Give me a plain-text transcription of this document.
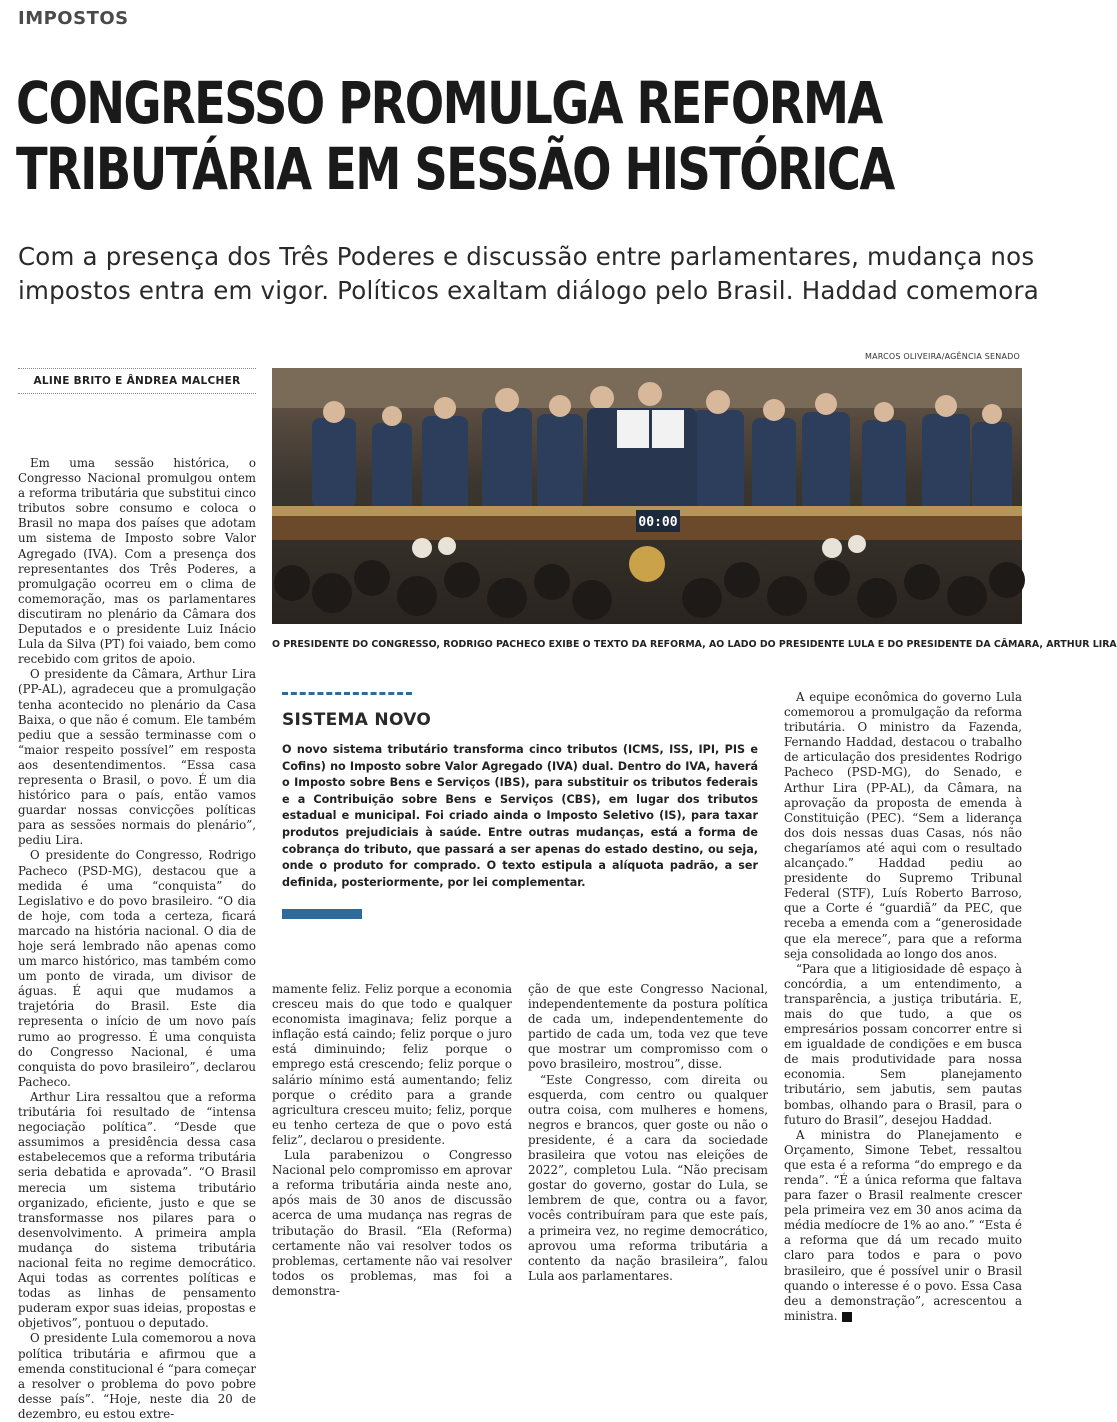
IMPOSTOS
CONGRESSO PROMULGA REFORMA
TRIBUTÁRIA EM SESSÃO HISTÓRICA
Com a presença dos Três Poderes e discussão entre parlamentares, mudança nos
impostos entra em vigor. Políticos exaltam diálogo pelo Brasil. Haddad comemora
ALINE BRITO E ÂNDREA MALCHER
MARCOS OLIVEIRA/AGÊNCIA SENADO
00:00
O PRESIDENTE DO CONGRESSO, RODRIGO PACHECO EXIBE O TEXTO DA REFORMA, AO LADO DO PRESIDENTE LULA E DO PRESIDENTE DA CÂMARA, ARTHUR LIRA

Em uma sessão histórica, o Congresso Nacional promulgou ontem a reforma tributária que substitui cinco tributos sobre consumo e coloca o Brasil no mapa dos países que adotam um sistema de Imposto sobre Valor Agregado (IVA). Com a presença dos representantes dos Três Poderes, a promulgação ocorreu em o clima de comemoração, mas os parlamentares discutiram no plenário da Câmara dos Deputados e o presidente Luiz Inácio Lula da Silva (PT) foi vaiado, bem como recebido com gritos de apoio.

O presidente da Câmara, Arthur Lira (PP-AL), agradeceu que a promulgação tenha acontecido no plenário da Casa Baixa, o que não é comum. Ele também pediu que a sessão terminasse com o “maior respeito possível” em resposta aos desentendimentos. “Essa casa representa o Brasil, o povo. É um dia histórico para o país, então vamos guardar nossas convicções políticas para as sessões normais do plenário”, pediu Lira.

O presidente do Congresso, Rodrigo Pacheco (PSD-MG), destacou que a medida é uma “conquista” do Legislativo e do povo brasileiro. “O dia de hoje, com toda a certeza, ficará marcado na história nacional. O dia de hoje será lembrado não apenas como um marco histórico, mas também como um ponto de virada, um divisor de águas. É aqui que mudamos a trajetória do Brasil. Este dia representa o início de um novo país rumo ao progresso. É uma conquista do Congresso Nacional, é uma conquista do povo brasileiro”, declarou Pacheco.

Arthur Lira ressaltou que a reforma tributária foi resultado de “intensa negociação política”. “Desde que assumimos a presidência dessa casa estabelecemos que a reforma tributária seria debatida e aprovada”. “O Brasil merecia um sistema tributário organizado, eficiente, justo e que se transformasse nos pilares para o desenvolvimento. A primeira ampla mudança do sistema tributária nacional feita no regime democrático. Aqui todas as correntes políticas e todas as linhas de pensamento puderam expor suas ideias, propostas e objetivos”, pontuou o deputado.

O presidente Lula comemorou a nova política tributária e afirmou que a emenda constitucional é “para começar a resolver o problema do povo pobre desse país”. “Hoje, neste dia 20 de dezembro, eu estou extre-

SISTEMA NOVO
O novo sistema tributário transforma cinco tributos (ICMS, ISS, IPI, PIS e Cofins) no Imposto sobre Valor Agregado (IVA) dual. Dentro do IVA, haverá o Imposto sobre Bens e Serviços (IBS), para substituir os tributos federais e a Contribuição sobre Bens e Serviços (CBS), em lugar dos tributos estadual e municipal. Foi criado ainda o Imposto Seletivo (IS), para taxar produtos prejudiciais à saúde. Entre outras mudanças, está a forma de cobrança do tributo, que passará a ser apenas do estado destino, ou seja, onde o produto for comprado. O texto estipula a alíquota padrão, a ser definida, posteriormente, por lei complementar.

mamente feliz. Feliz porque a economia cresceu mais do que todo e qualquer economista imaginava; feliz porque a inflação está caindo; feliz porque o juro está diminuindo; feliz porque o emprego está crescendo; feliz porque o salário mínimo está aumentando; feliz porque o crédito para a grande agricultura cresceu muito; feliz, porque eu tenho certeza de que o povo está feliz”, declarou o presidente.

Lula parabenizou o Congresso Nacional pelo compromisso em aprovar a reforma tributária ainda neste ano, após mais de 30 anos de discussão acerca de uma mudança nas regras de tributação do Brasil. “Ela (Reforma) certamente não vai resolver todos os problemas, certamente não vai resolver todos os problemas, mas foi a demonstra-

ção de que este Congresso Nacional, independentemente da postura política de cada um, independentemente do partido de cada um, toda vez que teve que mostrar um compromisso com o povo brasileiro, mostrou”, disse.

“Este Congresso, com direita ou esquerda, com centro ou qualquer outra coisa, com mulheres e homens, negros e brancos, quer goste ou não o presidente, é a cara da sociedade brasileira que votou nas eleições de 2022”, completou Lula. “Não precisam gostar do governo, gostar do Lula, se lembrem de que, contra ou a favor, vocês contribuíram para que este país, a primeira vez, no regime democrático, aprovou uma reforma tributária a contento da nação brasileira”, falou Lula aos parlamentares.

A equipe econômica do governo Lula comemorou a promulgação da reforma tributária. O ministro da Fazenda, Fernando Haddad, destacou o trabalho de articulação dos presidentes Rodrigo Pacheco (PSD-MG), do Senado, e Arthur Lira (PP-AL), da Câmara, na aprovação da proposta de emenda à Constituição (PEC). “Sem a liderança dos dois nessas duas Casas, nós não chegaríamos até aqui com o resultado alcançado.” Haddad pediu ao presidente do Supremo Tribunal Federal (STF), Luís Roberto Barroso, que a Corte é “guardiã” da PEC, que receba a emenda com a “generosidade que ela merece”, para que a reforma seja consolidada ao longo dos anos.

“Para que a litigiosidade dê espaço à concórdia, a um entendimento, a transparência, a justiça tributária. E, mais do que tudo, a que os empresários possam concorrer entre si em igualdade de condições e em busca de mais produtividade para nossa economia. Sem planejamento tributário, sem jabutis, sem pautas bombas, olhando para o Brasil, para o futuro do Brasil”, desejou Haddad.

A ministra do Planejamento e Orçamento, Simone Tebet, ressaltou que esta é a reforma “do emprego e da renda”. “É a única reforma que faltava para fazer o Brasil realmente crescer pela primeira vez em 30 anos acima da média medíocre de 1% ao ano.” “Esta é a reforma que dá um recado muito claro para todos e para o povo brasileiro, que é possível unir o Brasil quando o interesse é o povo. Essa Casa deu a demonstração”, acrescentou a ministra.
